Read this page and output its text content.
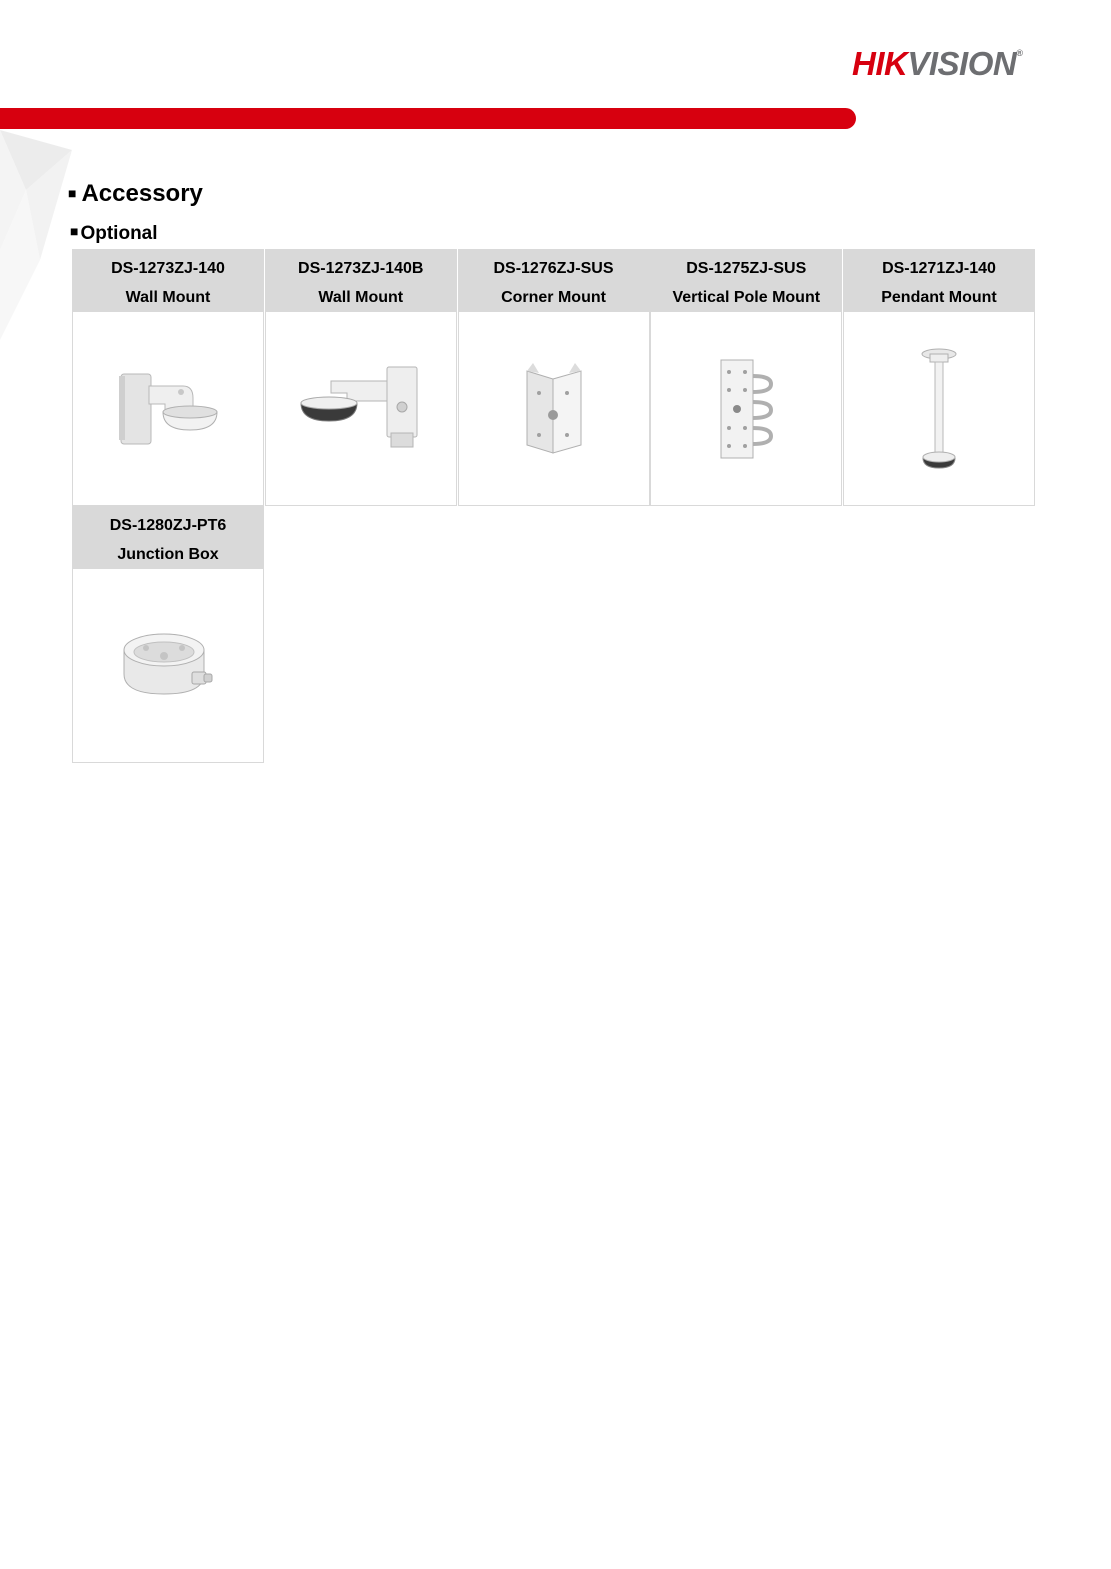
HIKVISION®
■ Accessory
■ Optional
DS-1273ZJ-140
Wall Mount
DS-1273ZJ-140B
Wall Mount
DS-1276ZJ-SUS
Corner Mount
DS-1275ZJ-SUS
Vertical Pole Mount
DS-1271ZJ-140
Pendant Mount
DS-1280ZJ-PT6
Junction Box
